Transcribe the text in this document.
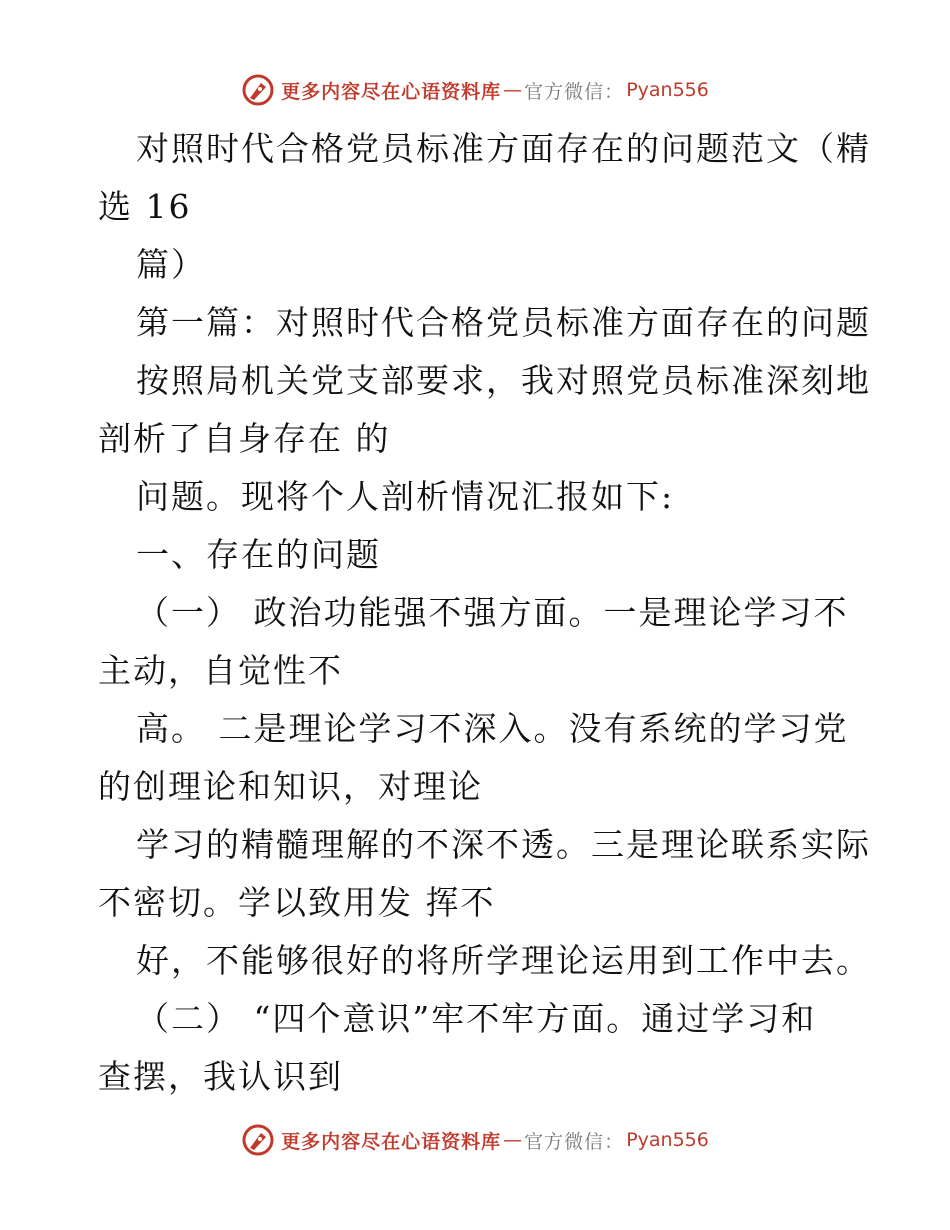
更多内容尽在心语资料库 — 官方微信： Pyan556
对照时代合格党员标准方面存在的问题范文（精
选 16
篇）
第一篇：对照时代合格党员标准方面存在的问题
按照局机关党支部要求，我对照党员标准深刻地
剖析了自身存在 的
问题。现将个人剖析情况汇报如下:
一、存在的问题
（一） 政治功能强不强方面。一是理论学习不
主动，自觉性不
高。 二是理论学习不深入。没有系统的学习党
的创理论和知识，对理论
学习的精髓理解的不深不透。三是理论联系实际
不密切。学以致用发 挥不
好，不能够很好的将所学理论运用到工作中去。
（二） “四个意识”牢不牢方面。通过学习和
查摆，我认识到
更多内容尽在心语资料库 — 官方微信： Pyan556
